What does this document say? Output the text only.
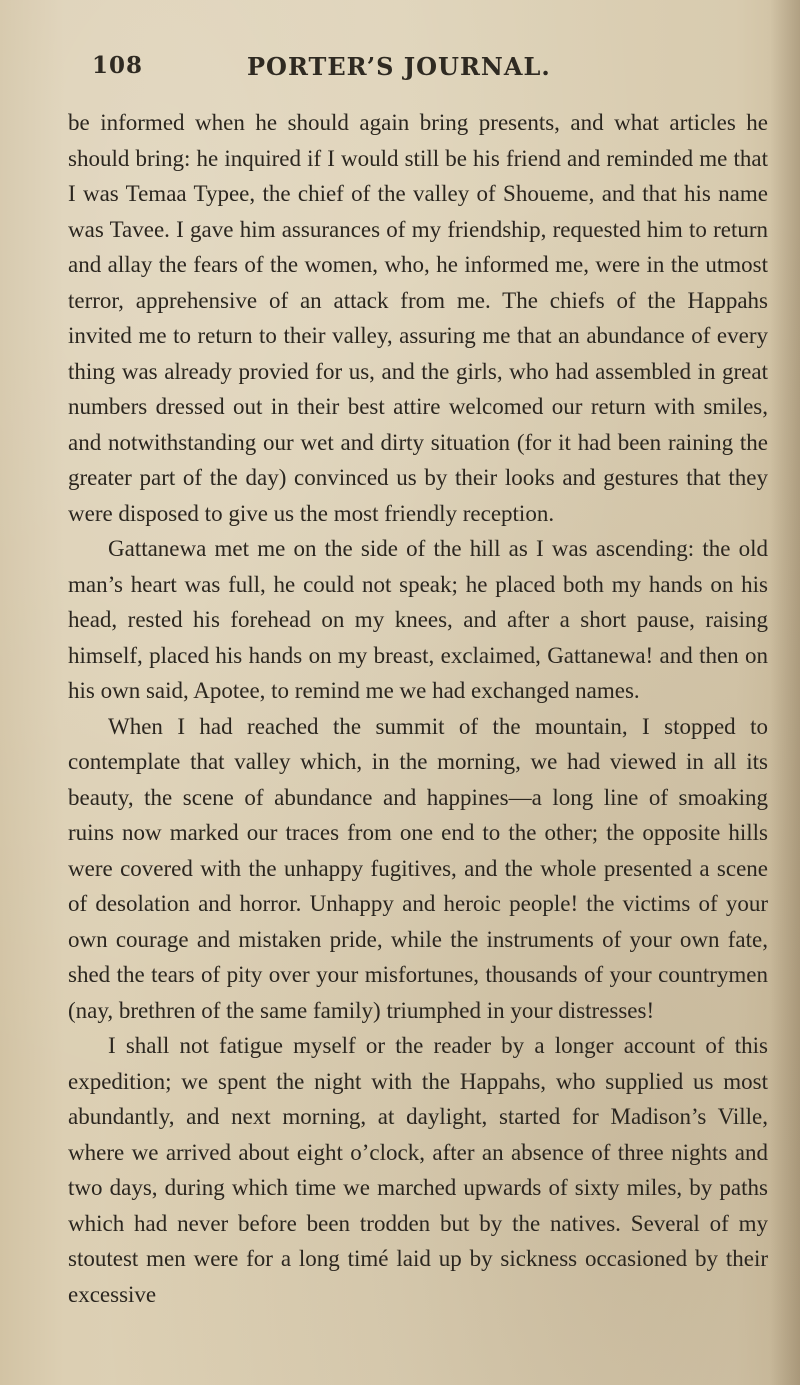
108	PORTER’S JOURNAL.

be informed when he should again bring presents, and what articles he should bring: he inquired if I would still be his friend and reminded me that I was Temaa Typee, the chief of the valley of Shoueme, and that his name was Tavee. I gave him assurances of my friendship, requested him to return and allay the fears of the women, who, he informed me, were in the utmost terror, apprehensive of an attack from me. The chiefs of the Happahs invited me to return to their valley, assuring me that an abundance of every thing was already provied for us, and the girls, who had assembled in great numbers dressed out in their best attire welcomed our return with smiles, and notwithstanding our wet and dirty situation (for it had been raining the greater part of the day) convinced us by their looks and gestures that they were disposed to give us the most friendly reception.

Gattanewa met me on the side of the hill as I was ascending: the old man’s heart was full, he could not speak; he placed both my hands on his head, rested his forehead on my knees, and after a short pause, raising himself, placed his hands on my breast, exclaimed, Gattanewa! and then on his own said, Apotee, to remind me we had exchanged names.

When I had reached the summit of the mountain, I stopped to contemplate that valley which, in the morning, we had viewed in all its beauty, the scene of abundance and happines—a long line of smoaking ruins now marked our traces from one end to the other; the opposite hills were covered with the unhappy fugitives, and the whole presented a scene of desolation and horror. Unhappy and heroic people! the victims of your own courage and mistaken pride, while the instruments of your own fate, shed the tears of pity over your misfortunes, thousands of your countrymen (nay, brethren of the same family) triumphed in your distresses!

I shall not fatigue myself or the reader by a longer account of this expedition; we spent the night with the Happahs, who supplied us most abundantly, and next morning, at daylight, started for Madison’s Ville, where we arrived about eight o’clock, after an absence of three nights and two days, during which time we marched upwards of sixty miles, by paths which had never before been trodden but by the natives. Several of my stoutest men were for a long timé laid up by sickness occasioned by their excessive
